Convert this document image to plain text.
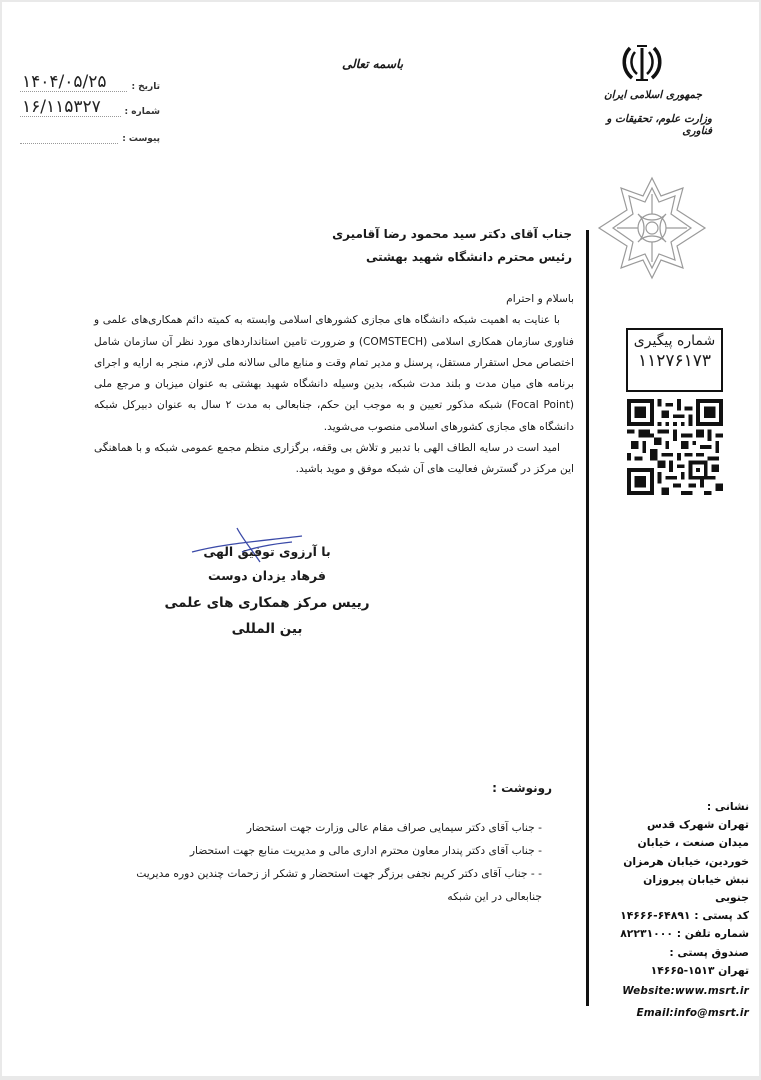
تاریخ :
۱۴۰۴/۰۵/۲۵
شماره :
۱۶/۱۱۵۳۲۷
پیوست :
باسمه تعالی
جمهوری اسلامی ایران
وزارت علوم، تحقیقات و فناوری
جناب آقای دکتر سید محمود رضا آقامیری
رئیس محترم دانشگاه شهید بهشتی

باسلام و احترام

با عنایت به اهمیت شبکه دانشگاه های مجازی کشورهای اسلامی وابسته به کمیته دائم همکاری‌های علمی و فناوری سازمان همکاری اسلامی (COMSTECH) و ضرورت تامین استانداردهای مورد نظر آن سازمان شامل اختصاص محل استقرار مستقل، پرسنل و مدیر تمام وقت و منابع مالی سالانه ملی لازم، منجر به ارایه و اجرای برنامه های میان مدت و بلند مدت شبکه، بدین وسیله دانشگاه شهید بهشتی به عنوان میزبان و مرجع ملی (Focal Point) شبکه مذکور تعیین و به موجب این حکم، جنابعالی به مدت ۲ سال به عنوان دبیرکل شبکه دانشگاه های مجازی کشورهای اسلامی منصوب می‌شوید.

امید است در سایه الطاف الهی با تدبیر و تلاش بی وقفه، برگزاری منظم مجمع عمومی شبکه و با هماهنگی این مرکز در گسترش فعالیت های آن شبکه موفق و موید باشید.

شماره پیگیری
۱۱۲۷۶۱۷۳
با آرزوی توفیق الهی
فرهاد یزدان دوست
رییس مرکز همکاری های علمی بین المللی
رونوشت :
- جناب آقای دکتر سیمایی صراف مقام عالی وزارت جهت استحضار
- جناب آقای دکتر پندار معاون محترم اداری مالی و مدیریت منابع جهت استحضار
- - جناب آقای دکتر کریم نجفی برزگر جهت استحضار و تشکر از زحمات چندین دوره مدیریت
جنابعالی در این شبکه
نشانی :
تهران شهرک قدس
میدان صنعت ، خیابان
خوردین، خیابان هرمزان
نبش خیابان پیروزان جنوبی
کد پستی : ۶۴۸۹۱-۱۴۶۶۶
شماره تلفن : ۸۲۲۳۱۰۰۰
صندوق پستی :
تهران ۱۵۱۳-۱۴۶۶۵
Website:www.msrt.ir
Email:info@msrt.ir
